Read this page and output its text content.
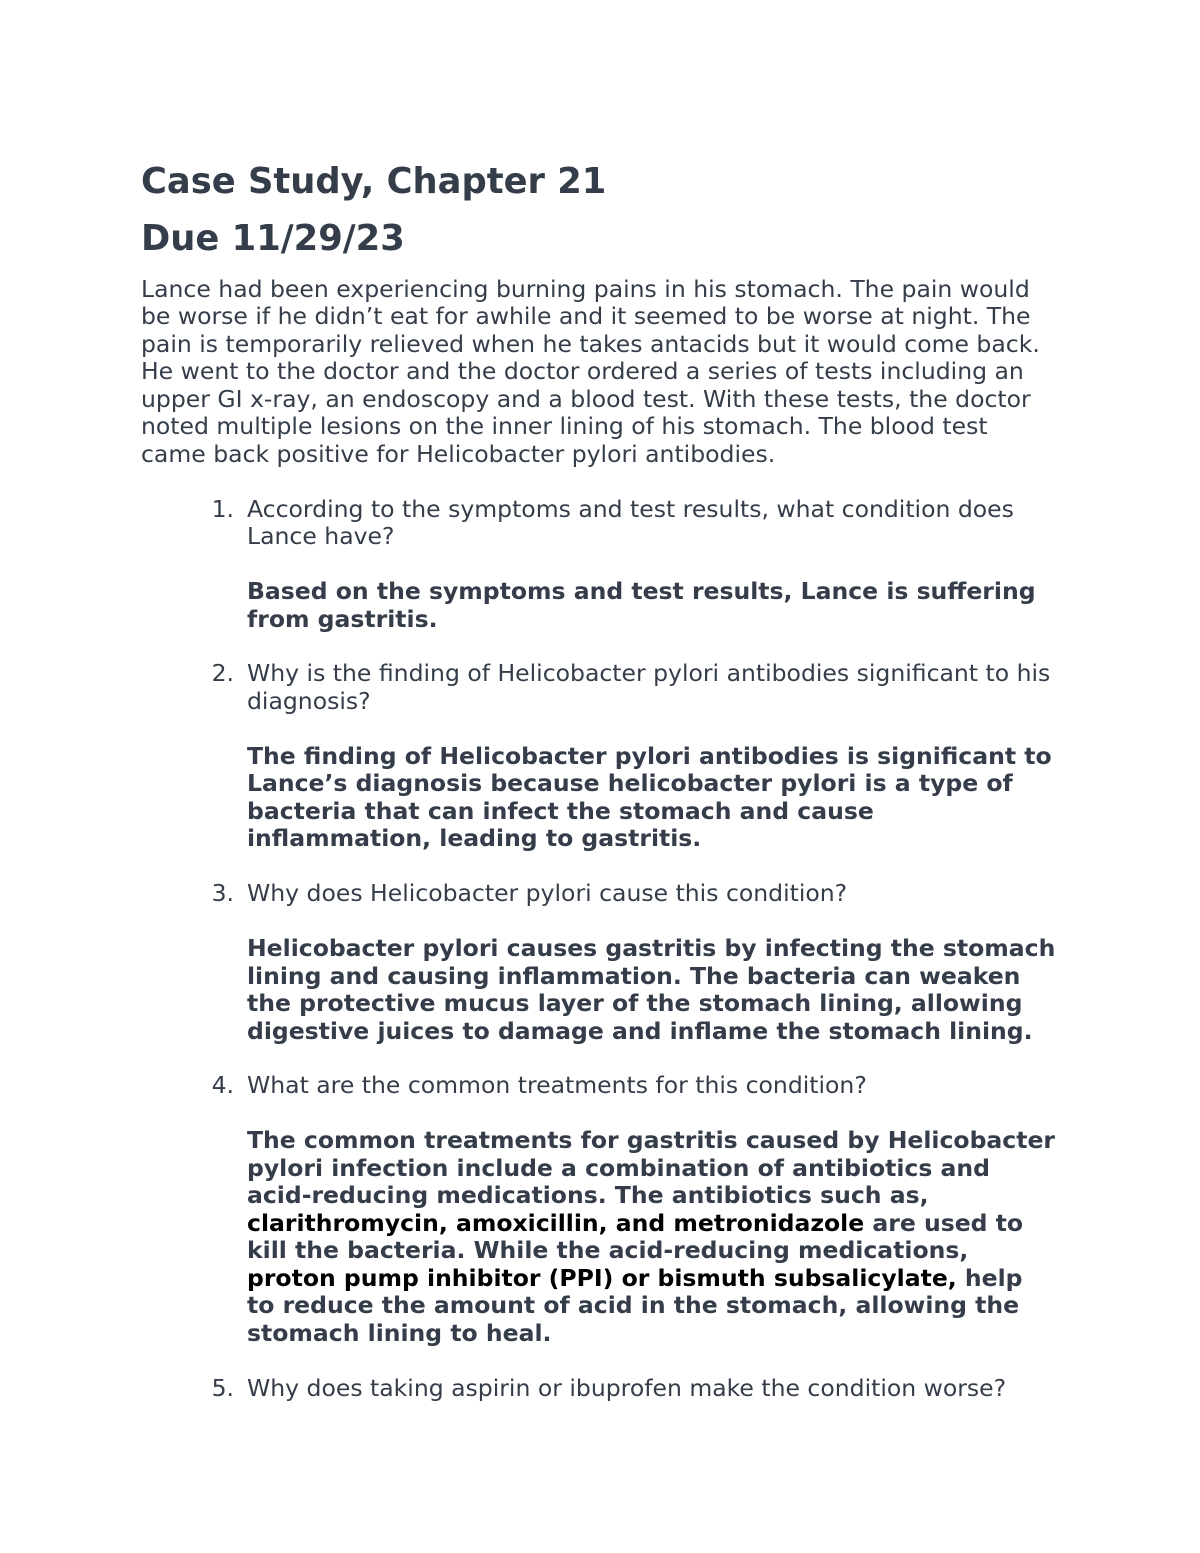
Case Study, Chapter 21
Due 11/29/23

Lance had been experiencing burning pains in his stomach. The pain would
be worse if he didn’t eat for awhile and it seemed to be worse at night. The
pain is temporarily relieved when he takes antacids but it would come back.
He went to the doctor and the doctor ordered a series of tests including an
upper GI x-ray, an endoscopy and a blood test. With these tests, the doctor
noted multiple lesions on the inner lining of his stomach. The blood test
came back positive for Helicobacter pylori antibodies.

1. According to the symptoms and test results, what condition does
Lance have?
Based on the symptoms and test results, Lance is suffering
from gastritis.
2. Why is the finding of Helicobacter pylori antibodies significant to his
diagnosis?
The finding of Helicobacter pylori antibodies is significant to
Lance’s diagnosis because helicobacter pylori is a type of
bacteria that can infect the stomach and cause
inflammation, leading to gastritis.
3. Why does Helicobacter pylori cause this condition?
Helicobacter pylori causes gastritis by infecting the stomach
lining and causing inflammation. The bacteria can weaken
the protective mucus layer of the stomach lining, allowing
digestive juices to damage and inflame the stomach lining.
4. What are the common treatments for this condition?
The common treatments for gastritis caused by Helicobacter
pylori infection include a combination of antibiotics and
acid-reducing medications. The antibiotics such as,
clarithromycin, amoxicillin, and metronidazole are used to
kill the bacteria. While the acid-reducing medications,
proton pump inhibitor (PPI) or bismuth subsalicylate, help
to reduce the amount of acid in the stomach, allowing the
stomach lining to heal.
5. Why does taking aspirin or ibuprofen make the condition worse?
